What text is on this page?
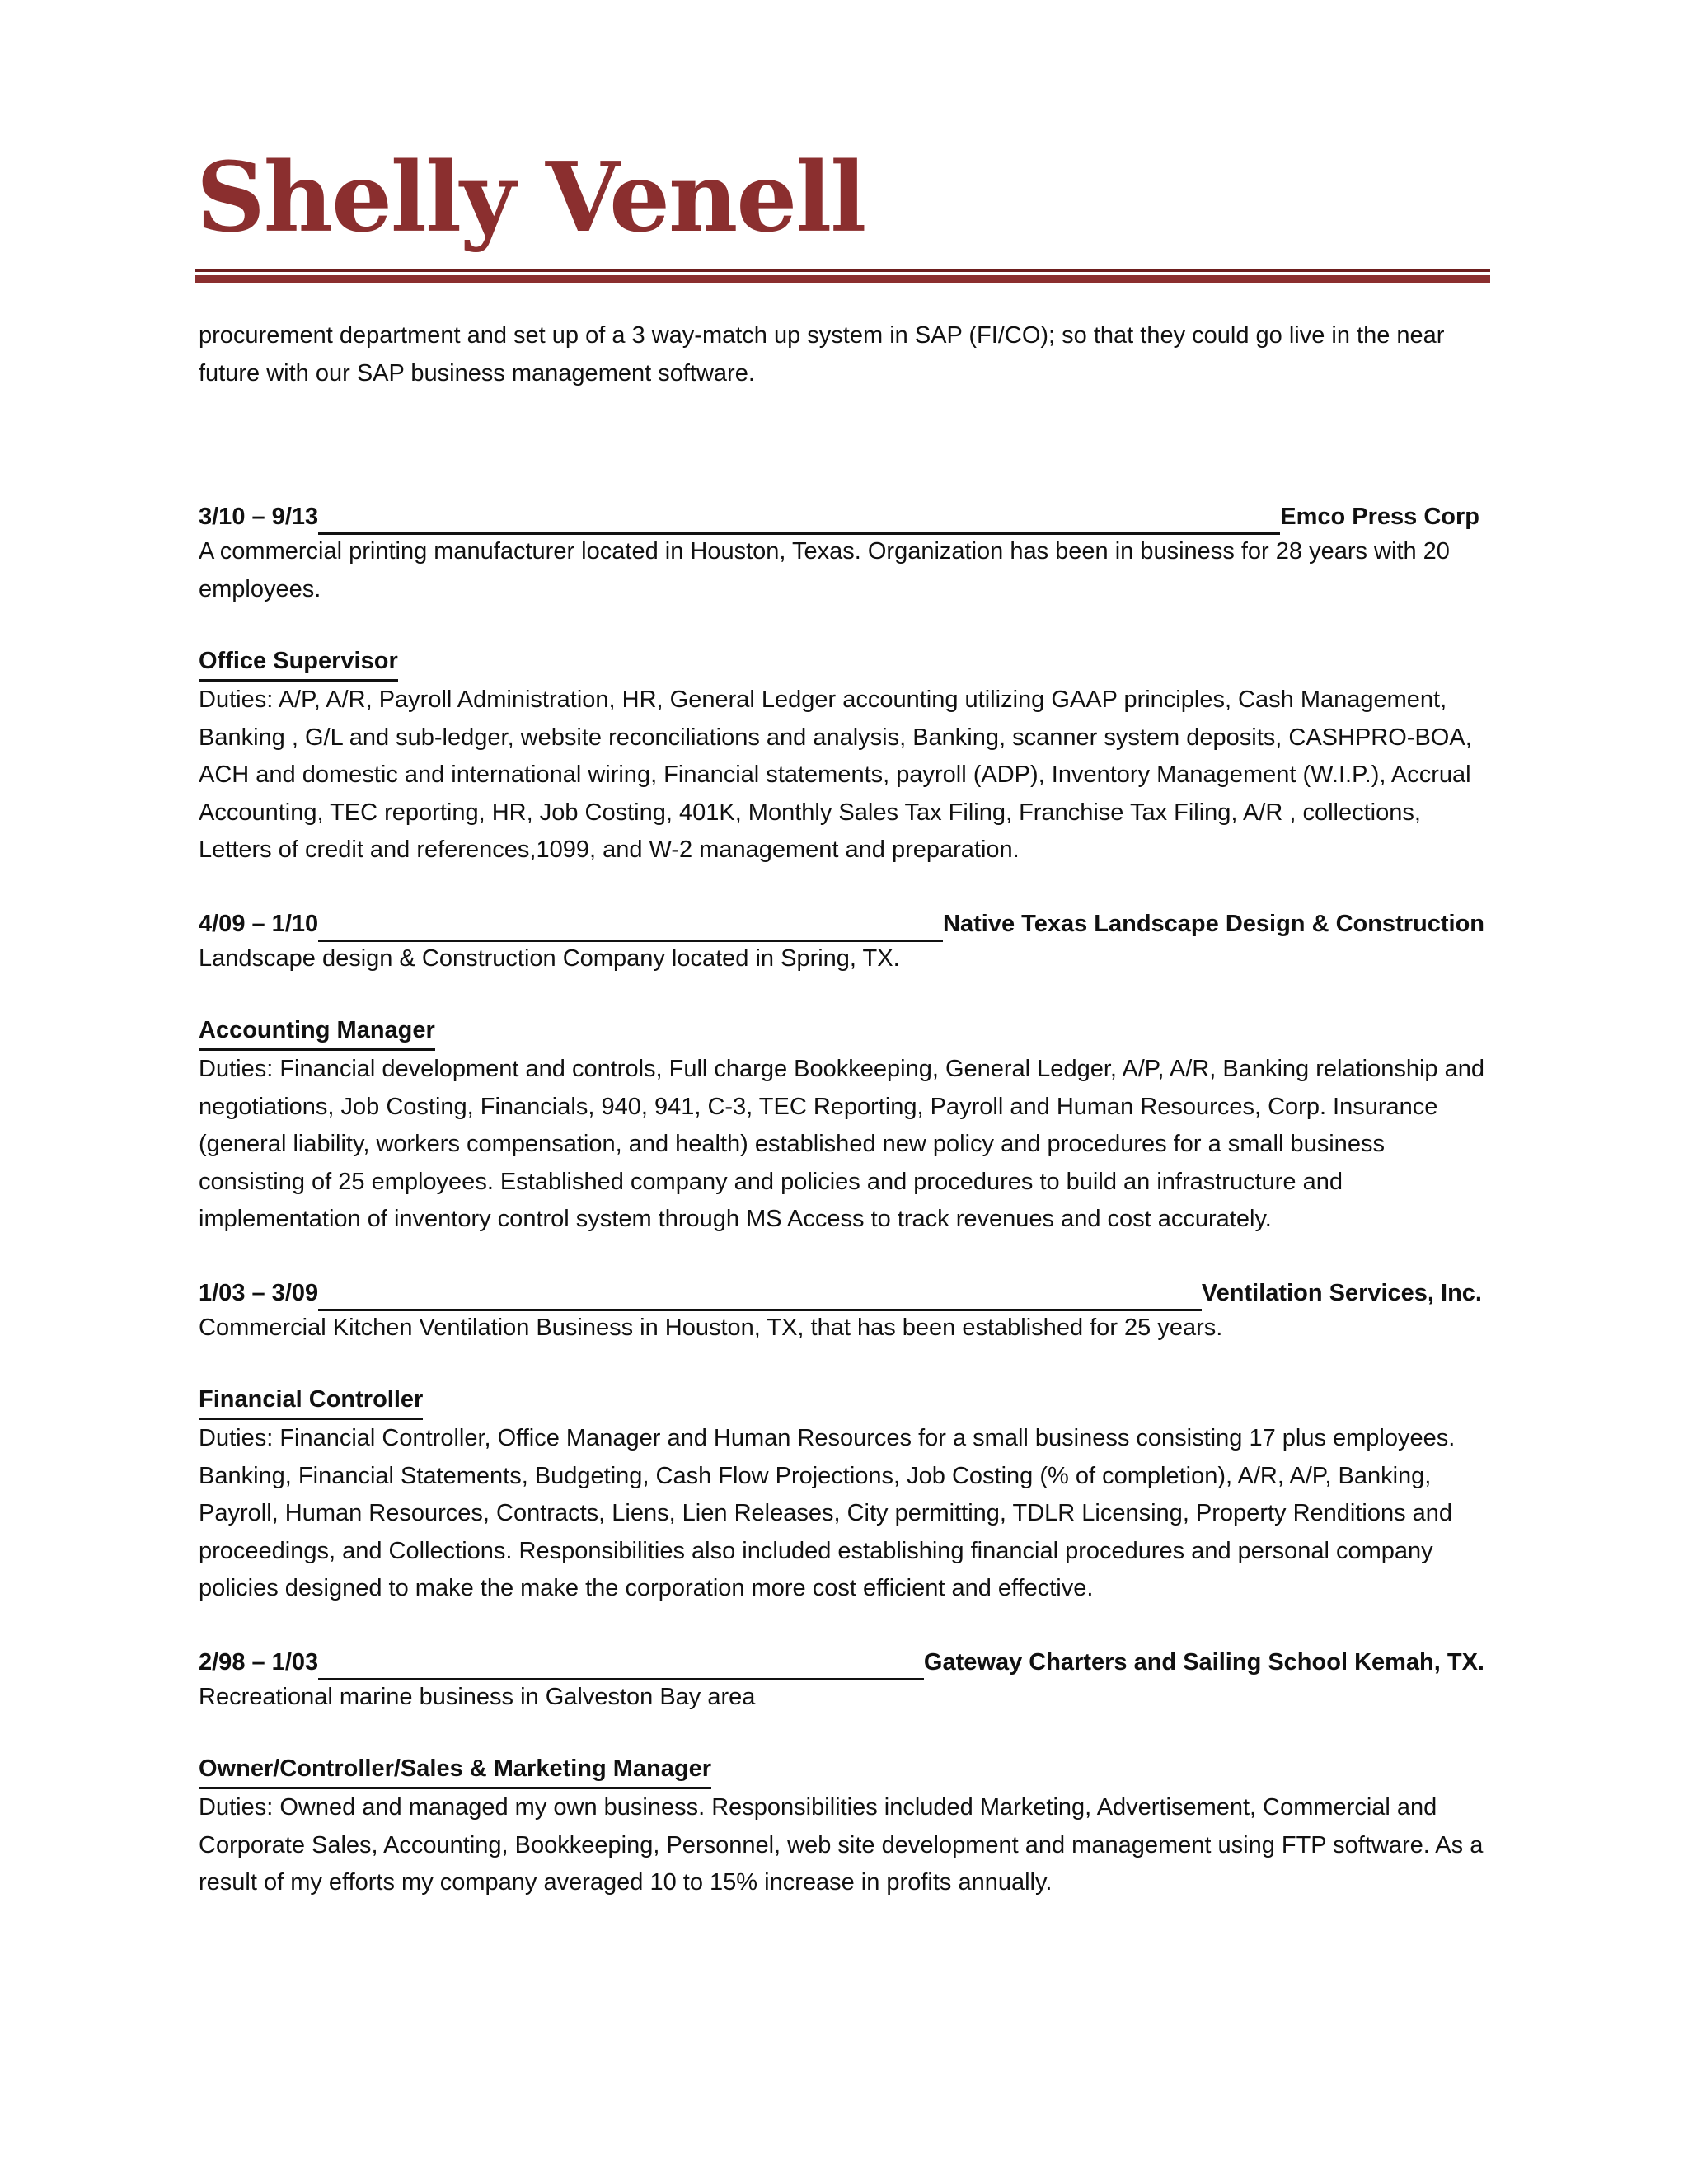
Shelly Venell

procurement department and set up of a 3 way-match up system in SAP (FI/CO); so that they could go live in the near future with our SAP business management software.

3/10 – 9/13	Emco Press Corp

A commercial printing manufacturer located in Houston, Texas. Organization has been in business for 28 years with 20 employees.

Office Supervisor

Duties: A/P, A/R, Payroll Administration, HR, General Ledger accounting utilizing GAAP principles, Cash Management, Banking , G/L and sub-ledger, website reconciliations and analysis, Banking, scanner system deposits, CASHPRO-BOA, ACH and domestic and international wiring, Financial statements, payroll (ADP), Inventory Management (W.I.P.), Accrual Accounting, TEC reporting, HR, Job Costing, 401K, Monthly Sales Tax Filing, Franchise Tax Filing, A/R , collections, Letters of credit and references,1099, and W-2 management and preparation.

4/09 – 1/10	Native Texas Landscape Design & Construction

Landscape design & Construction Company located in Spring, TX.

Accounting Manager

Duties: Financial development and controls, Full charge Bookkeeping, General Ledger, A/P, A/R, Banking relationship and negotiations, Job Costing, Financials, 940, 941, C-3, TEC Reporting, Payroll and Human Resources, Corp. Insurance (general liability, workers compensation, and health) established new policy and procedures for a small business consisting of 25 employees. Established company and policies and procedures to build an infrastructure and implementation of inventory control system through MS Access to track revenues and cost accurately.

1/03 – 3/09	Ventilation Services, Inc.

Commercial Kitchen Ventilation Business in Houston, TX, that has been established for 25 years.

Financial Controller

Duties: Financial Controller, Office Manager and Human Resources for a small business consisting 17 plus employees. Banking, Financial Statements, Budgeting, Cash Flow Projections, Job Costing (% of completion), A/R, A/P, Banking, Payroll, Human Resources, Contracts, Liens, Lien Releases, City permitting, TDLR Licensing, Property Renditions and proceedings, and Collections. Responsibilities also included establishing financial procedures and personal company policies designed to make the make the corporation more cost efficient and effective.

2/98 – 1/03	Gateway Charters and Sailing School Kemah, TX.

Recreational marine business in Galveston Bay area

Owner/Controller/Sales & Marketing Manager

Duties: Owned and managed my own business. Responsibilities included Marketing, Advertisement, Commercial and Corporate Sales, Accounting, Bookkeeping, Personnel, web site development and management using FTP software. As a result of my efforts my company averaged 10 to 15% increase in profits annually.
